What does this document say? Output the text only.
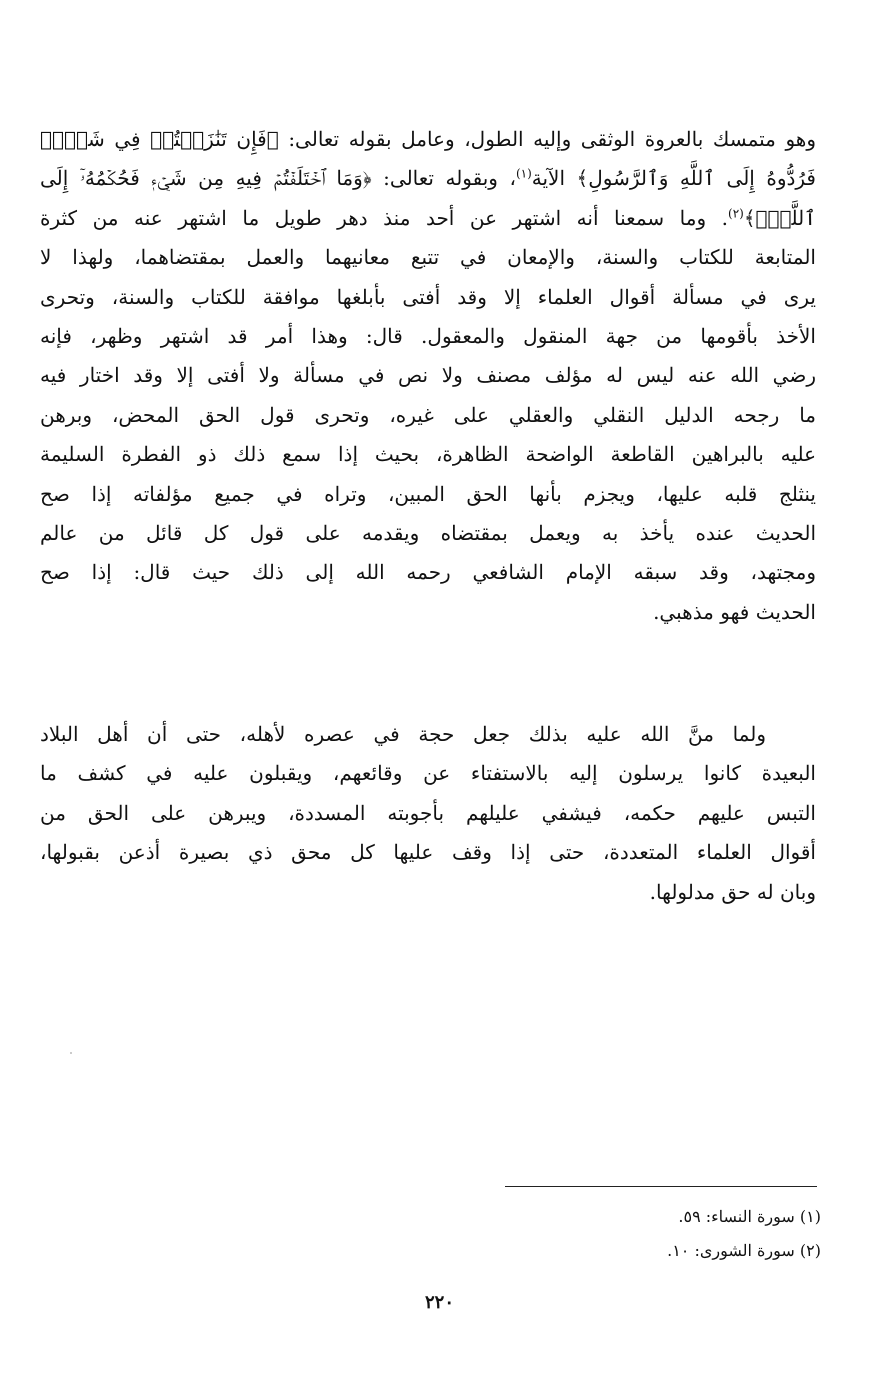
وهو متمسك بالعروة الوثقى وإليه الطول، وعامل بقوله تعالى: ﴿فَإِن تَنَٰزَعۡتُمۡ فِي شَيۡءٖ
فَرُدُّوهُ إِلَى ٱللَّهِ وَٱلرَّسُولِ﴾ الآية$^{(١)}$، وبقوله تعالى: ﴿وَمَا ٱخۡتَلَفۡتُمۡ فِيهِ مِن شَيۡءٖ فَحُكۡمُهُۥٓ إِلَى
ٱللَّهِۚ﴾$^{(٢)}$. وما سمعنا أنه اشتهر عن أحد منذ دهر طويل ما اشتهر عنه من كثرة
المتابعة للكتاب والسنة، والإمعان في تتبع معانيهما والعمل بمقتضاهما، ولهذا لا
يرى في مسألة أقوال العلماء إلا وقد أفتى بأبلغها موافقة للكتاب والسنة، وتحرى
الأخذ بأقومها من جهة المنقول والمعقول. قال: وهذا أمر قد اشتهر وظهر، فإنه
رضي الله عنه ليس له مؤلف مصنف ولا نص في مسألة ولا أفتى إلا وقد اختار فيه
ما رجحه الدليل النقلي والعقلي على غيره، وتحرى قول الحق المحض، وبرهن
عليه بالبراهين القاطعة الواضحة الظاهرة، بحيث إذا سمع ذلك ذو الفطرة السليمة
ينثلج قلبه عليها، ويجزم بأنها الحق المبين، وتراه في جميع مؤلفاته إذا صح
الحديث عنده يأخذ به ويعمل بمقتضاه ويقدمه على قول كل قائل من عالم
ومجتهد، وقد سبقه الإمام الشافعي رحمه الله إلى ذلك حيث قال: إذا صح
الحديث فهو مذهبي.
ولما منَّ الله عليه بذلك جعل حجة في عصره لأهله، حتى أن أهل البلاد
البعيدة كانوا يرسلون إليه بالاستفتاء عن وقائعهم، ويقبلون عليه في كشف ما
التبس عليهم حكمه، فيشفي عليلهم بأجوبته المسددة، ويبرهن على الحق من
أقوال العلماء المتعددة، حتى إذا وقف عليها كل محق ذي بصيرة أذعن بقبولها،
وبان له حق مدلولها.
(١) سورة النساء: ٥٩.
(٢) سورة الشورى: ١٠.
٢٢٠
